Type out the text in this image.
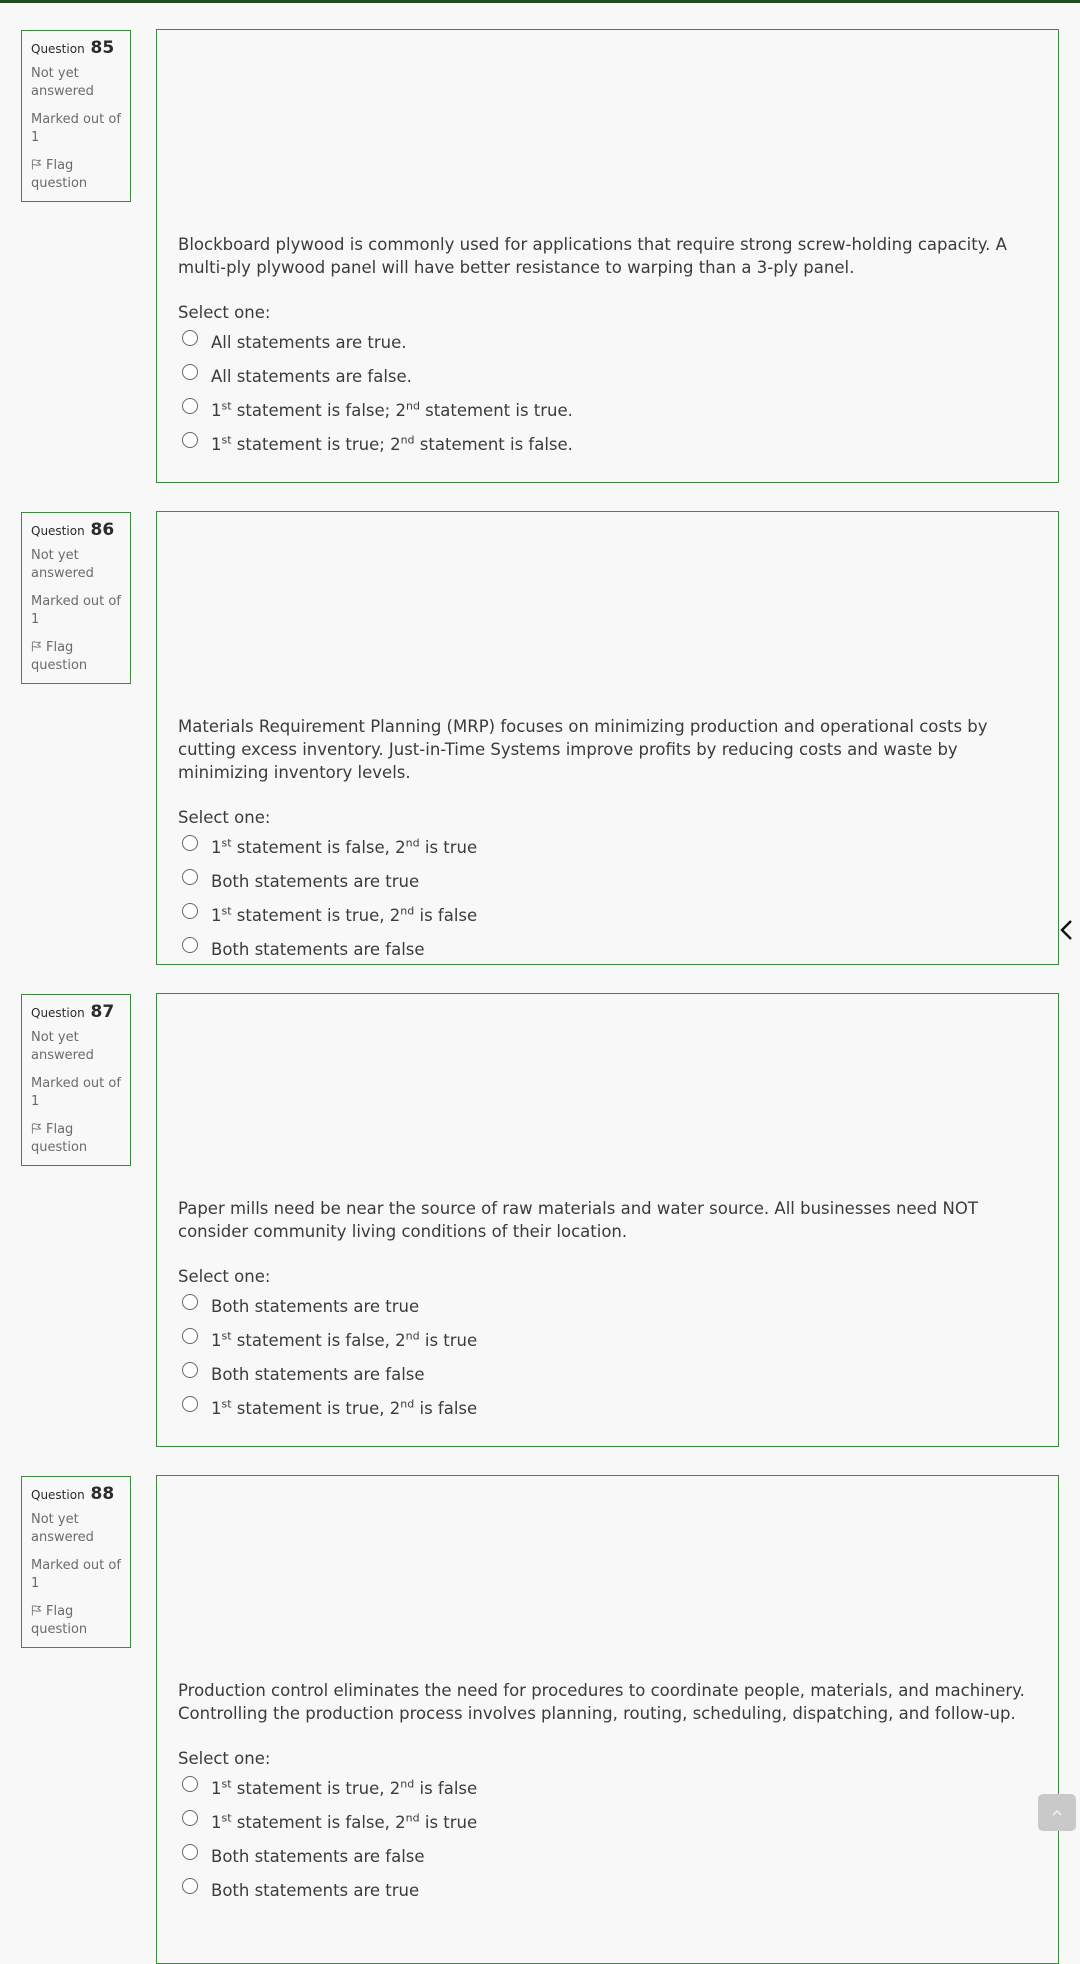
Question 85

Not yet answered

Marked out of 1

Flag question

Blockboard plywood is commonly used for applications that require strong screw-holding capacity. A multi-ply plywood panel will have better resistance to warping than a 3-ply panel.
Select one:
All statements are true.
All statements are false.
1st statement is false; 2nd statement is true.
1st statement is true; 2nd statement is false.

Question 86

Not yet answered

Marked out of 1

Flag question

Materials Requirement Planning (MRP) focuses on minimizing production and operational costs by cutting excess inventory. Just-in-Time Systems improve profits by reducing costs and waste by minimizing inventory levels.
Select one:
1st statement is false, 2nd is true
Both statements are true
1st statement is true, 2nd is false
Both statements are false

Question 87

Not yet answered

Marked out of 1

Flag question

Paper mills need be near the source of raw materials and water source. All businesses need NOT consider community living conditions of their location.
Select one:
Both statements are true
1st statement is false, 2nd is true
Both statements are false
1st statement is true, 2nd is false

Question 88

Not yet answered

Marked out of 1

Flag question

Production control eliminates the need for procedures to coordinate people, materials, and machinery. Controlling the production process involves planning, routing, scheduling, dispatching, and follow-up.
Select one:
1st statement is true, 2nd is false
1st statement is false, 2nd is true
Both statements are false
Both statements are true
